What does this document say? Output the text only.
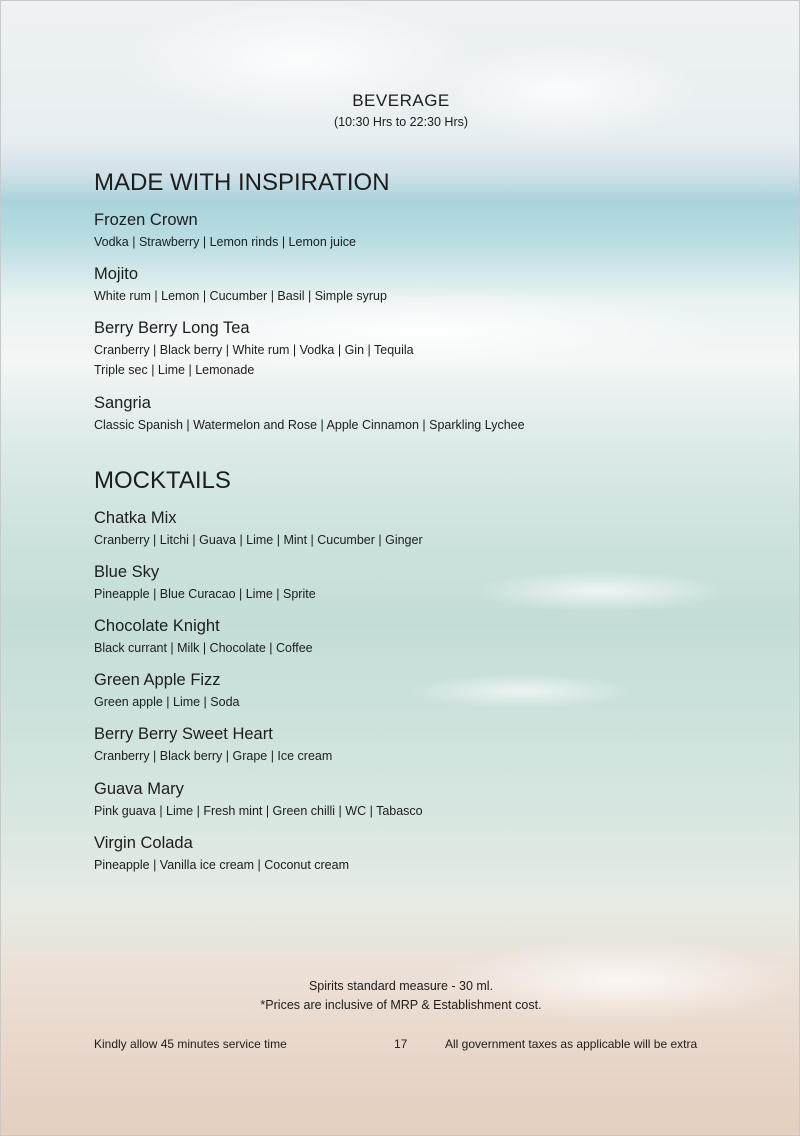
BEVERAGE
(10:30 Hrs to 22:30 Hrs)
MADE WITH INSPIRATION
Frozen Crown
Vodka | Strawberry | Lemon rinds | Lemon juice
Mojito
White rum | Lemon | Cucumber | Basil | Simple syrup
Berry Berry Long Tea
Cranberry | Black berry | White rum | Vodka | Gin | Tequila
Triple sec | Lime | Lemonade
Sangria
Classic Spanish | Watermelon and Rose | Apple Cinnamon | Sparkling Lychee
MOCKTAILS
Chatka Mix
Cranberry | Litchi | Guava | Lime | Mint | Cucumber | Ginger
Blue Sky
Pineapple | Blue Curacao | Lime | Sprite
Chocolate Knight
Black currant | Milk | Chocolate | Coffee
Green Apple Fizz
Green apple | Lime | Soda
Berry Berry Sweet Heart
Cranberry | Black berry | Grape | Ice cream
Guava Mary
Pink guava | Lime | Fresh mint | Green chilli | WC | Tabasco
Virgin Colada
Pineapple | Vanilla ice cream | Coconut cream
Spirits standard measure - 30 ml.
*Prices are inclusive of MRP & Establishment cost.
Kindly allow 45 minutes service time	17	All government taxes as applicable will be extra
